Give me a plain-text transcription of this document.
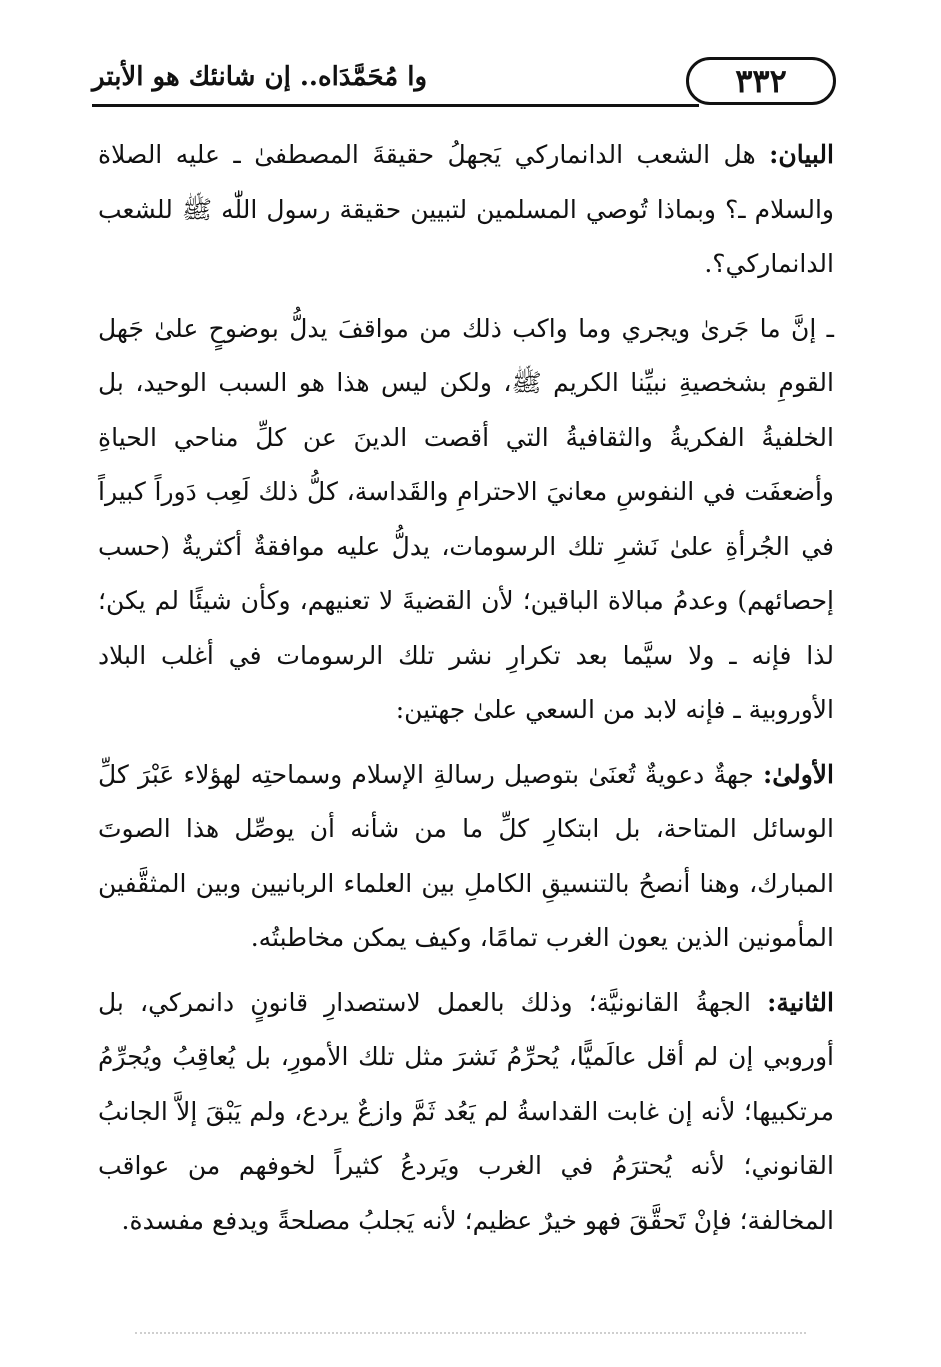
٣٣٢
وا مُحَمَّدَاه.. إن شانئك هو الأبتر

البيان: هل الشعب الدانماركي يَجهلُ حقيقةَ المصطفىٰ ـ عليه الصلاة والسلام ـ؟ وبماذا تُوصي المسلمين لتبيين حقيقة رسول اللّٰه ﷺ للشعب الدانماركي؟.

ـ إنَّ ما جَرىٰ ويجري وما واكب ذلك من مواقفَ يدلُّ بوضوحٍ علىٰ جَهل القومِ بشخصيةِ نبيِّنا الكريم ﷺ، ولكن ليس هذا هو السبب الوحيد، بل الخلفيةُ الفكريةُ والثقافيةُ التي أقصت الدينَ عن كلِّ مناحي الحياةِ وأضعفَت في النفوسِ معانيَ الاحترامِ والقَداسة، كلُّ ذلك لَعِب دَوراً كبيراً في الجُرأةِ علىٰ نَشرِ تلك الرسومات، يدلُّ عليه موافقةٌ أكثريةٌ (حسب إحصائهم) وعدمُ مبالاة الباقين؛ لأن القضيةَ لا تعنيهم، وكأن شيئًا لم يكن؛ لذا فإنه ـ ولا سيَّما بعد تكرارِ نشر تلك الرسومات في أغلب البلاد الأوروبية ـ فإنه لابد من السعي علىٰ جهتين:

الأولىٰ: جهةٌ دعويةٌ تُعنَىٰ بتوصيل رسالةِ الإسلام وسماحتِه لهؤلاء عَبْرَ كلِّ الوسائل المتاحة، بل ابتكارِ كلِّ ما من شأنه أن يوصِّل هذا الصوتَ المبارك، وهنا أنصحُ بالتنسيقِ الكاملِ بين العلماء الربانيين وبين المثقَّفين المأمونين الذين يعون الغرب تمامًا، وكيف يمكن مخاطبتُه.

الثانية: الجهةُ القانونيَّة؛ وذلك بالعمل لاستصدارِ قانونٍ دانمركي، بل أوروبي إن لم أقل عالَميًّا، يُحرِّمُ نَشرَ مثل تلك الأمورِ، بل يُعاقِبُ ويُجرِّمُ مرتكبيها؛ لأنه إن غابت القداسةُ لم يَعُد ثَمَّ وازعٌ يردع، ولم يَبْقَ إلاَّ الجانبُ القانوني؛ لأنه يُحترَمُ في الغرب ويَردعُ كثيراً لخوفهم من عواقب المخالفة؛ فإنْ تَحقَّقَ فهو خيرٌ عظيم؛ لأنه يَجلبُ مصلحةً ويدفع مفسدة.
